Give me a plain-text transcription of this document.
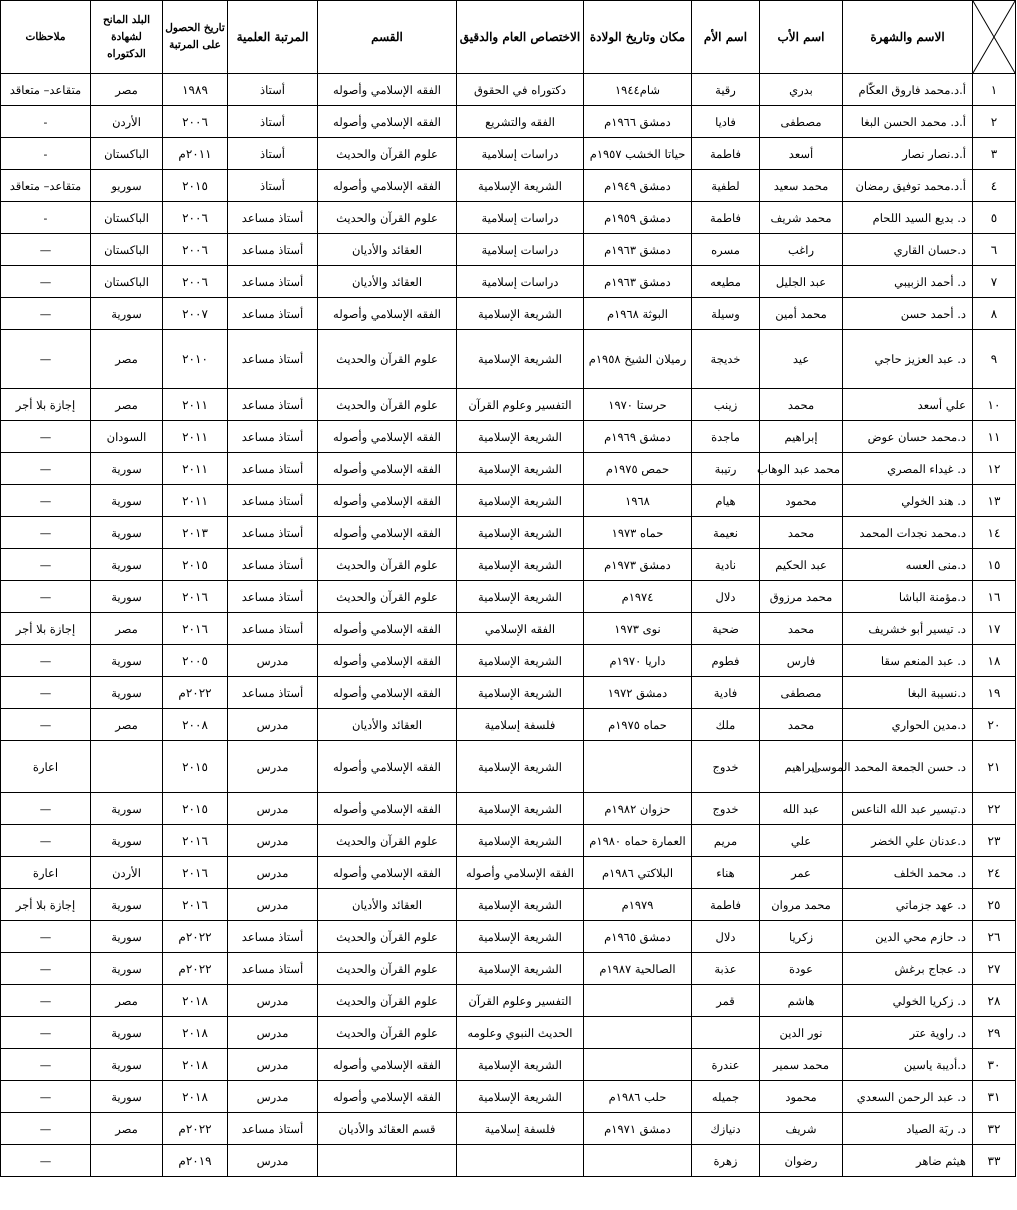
	الاسم والشهرة	اسم الأب	اسم الأم	مكان وتاريخ الولادة	الاختصاص العام والدقيق	القسم	المرتبة العلمية	تاريخ الحصول على المرتبة	البلد المانح لشهادة الدكتوراه	ملاحظات
١	أ.د.محمد فاروق العكّام	بدري	رقية	شام١٩٤٤	دكتوراه في الحقوق	الفقه الإسلامي وأصوله	أستاذ	١٩٨٩	مصر	متقاعد– متعاقد
٢	أ.د. محمد الحسن البغا	مصطفى	فاديا	دمشق ١٩٦٦م	الفقه والتشريع	الفقه الإسلامي وأصوله	أستاذ	٢٠٠٦	الأردن	-
٣	أ.د.نصار نصار	أسعد	فاطمة	حياتا الخشب ١٩٥٧م	دراسات إسلامية	علوم القرآن والحديث	أستاذ	٢٠١١م	الباكستان	-
٤	أ.د.محمد توفيق رمضان	محمد سعيد	لطفية	دمشق ١٩٤٩م	الشريعة الإسلامية	الفقه الإسلامي وأصوله	أستاذ	٢٠١٥	سوريو	متقاعد– متعاقد
٥	د. بديع السيد اللحام	محمد شريف	فاطمة	دمشق ١٩٥٩م	دراسات إسلامية	علوم القرآن والحديث	أستاذ مساعد	٢٠٠٦	الباكستان	-
٦	د.حسان القاري	راغب	مسره	دمشق ١٩٦٣م	دراسات إسلامية	العقائد والأديان	أستاذ مساعد	٢٠٠٦	الباكستان	—
٧	د. أحمد الزبيبي	عبد الجليل	مطيعه	دمشق ١٩٦٣م	دراسات إسلامية	العقائد والأديان	أستاذ مساعد	٢٠٠٦	الباكستان	—
٨	د. أحمد حسن	محمد أمين	وسيلة	البوثة ١٩٦٨م	الشريعة الإسلامية	الفقه الإسلامي وأصوله	أستاذ مساعد	٢٠٠٧	سورية	—
٩	د. عبد العزيز حاجي	عيد	خديجة	رميلان الشيخ ١٩٥٨م	الشريعة الإسلامية	علوم القرآن والحديث	أستاذ مساعد	٢٠١٠	مصر	—
١٠	علي أسعد	محمد	زينب	حرستا ١٩٧٠	التفسير وعلوم القرآن	علوم القرآن والحديث	أستاذ مساعد	٢٠١١	مصر	إجازة بلا أجر
١١	د.محمد حسان عوض	إبراهيم	ماجدة	دمشق ١٩٦٩م	الشريعة الإسلامية	الفقه الإسلامي وأصوله	أستاذ مساعد	٢٠١١	السودان	—
١٢	د. غيداء المصري	محمد عبد الوهاب	رتيبة	حمص ١٩٧٥م	الشريعة الإسلامية	الفقه الإسلامي وأصوله	أستاذ مساعد	٢٠١١	سورية	—
١٣	د. هند الخولي	محمود	هيام	١٩٦٨	الشريعة الإسلامية	الفقه الإسلامي وأصوله	أستاذ مساعد	٢٠١١	سورية	—
١٤	د.محمد نجدات المحمد	محمد	نعيمة	حماه ١٩٧٣	الشريعة الإسلامية	الفقه الإسلامي وأصوله	أستاذ مساعد	٢٠١٣	سورية	—
١٥	د.منى العسه	عبد الحكيم	نادية	دمشق ١٩٧٣م	الشريعة الإسلامية	علوم القرآن والحديث	أستاذ مساعد	٢٠١٥	سورية	—
١٦	د.مؤمنة الباشا	محمد مرزوق	دلال	١٩٧٤م	الشريعة الإسلامية	علوم القرآن والحديث	أستاذ مساعد	٢٠١٦	سورية	—
١٧	د. تيسير أبو خشريف	محمد	ضحية	نوى ١٩٧٣	الفقه الإسلامي	الفقه الإسلامي وأصوله	أستاذ مساعد	٢٠١٦	مصر	إجازة بلا أجر
١٨	د. عبد المنعم سقا	فارس	فطوم	داريا ١٩٧٠م	الشريعة الإسلامية	الفقه الإسلامي وأصوله	مدرس	٢٠٠٥	سورية	—
١٩	د.نسيبة البغا	مصطفى	فادية	دمشق ١٩٧٢	الشريعة الإسلامية	الفقه الإسلامي وأصوله	أستاذ مساعد	٢٠٢٢م	سورية	—
٢٠	د.مدين الحواري	محمد	ملك	حماه ١٩٧٥م	فلسفة إسلامية	العقائد والأديان	مدرس	٢٠٠٨	مصر	—
٢١	د. حسن الجمعة المحمد الموسى	ابراهيم	خدوج		الشريعة الإسلامية	الفقه الإسلامي وأصوله	مدرس	٢٠١٥		اعارة
٢٢	د.تيسير عبد الله الناعس	عبد الله	خدوج	حزوان ١٩٨٢م	الشريعة الإسلامية	الفقه الإسلامي وأصوله	مدرس	٢٠١٥	سورية	—
٢٣	د.عدنان علي الخضر	علي	مريم	العمارة حماه ١٩٨٠م	الشريعة الإسلامية	علوم القرآن والحديث	مدرس	٢٠١٦	سورية	—
٢٤	د. محمد الخلف	عمر	هناء	البلاكتي ١٩٨٦م	الفقه الإسلامي وأصوله	الفقه الإسلامي وأصوله	مدرس	٢٠١٦	الأردن	اعارة
٢٥	د. عهد جزماتي	محمد مروان	فاطمة	١٩٧٩م	الشريعة الإسلامية	العقائد والأديان	مدرس	٢٠١٦	سورية	إجازة بلا أجر
٢٦	د. حازم محي الدين	زكريا	دلال	دمشق ١٩٦٥م	الشريعة الإسلامية	علوم القرآن والحديث	أستاذ مساعد	٢٠٢٢م	سورية	—
٢٧	د. عجاج برغش	عودة	عذبة	الصالحية ١٩٨٧م	الشريعة الإسلامية	علوم القرآن والحديث	أستاذ مساعد	٢٠٢٢م	سورية	—
٢٨	د. زكريا الخولي	هاشم	قمر		التفسير وعلوم القرآن	علوم القرآن والحديث	مدرس	٢٠١٨	مصر	—
٢٩	د. راوية عتر	نور الدين			الحديث النبوي وعلومه	علوم القرآن والحديث	مدرس	٢٠١٨	سورية	—
٣٠	د.أديبة ياسين	محمد سمير	عندرة		الشريعة الإسلامية	الفقه الإسلامي وأصوله	مدرس	٢٠١٨	سورية	—
٣١	د. عبد الرحمن السعدي	محمود	جميله	حلب ١٩٨٦م	الشريعة الإسلامية	الفقه الإسلامي وأصوله	مدرس	٢٠١٨	سورية	—
٣٢	د. ربَة الصياد	شريف	دنيازك	دمشق ١٩٧١م	فلسفة إسلامية	قسم العقائد والأديان	أستاذ مساعد	٢٠٢٢م	مصر	—
٣٣	هيثم ضاهر	رضوان	زهرة				مدرس	٢٠١٩م		—
